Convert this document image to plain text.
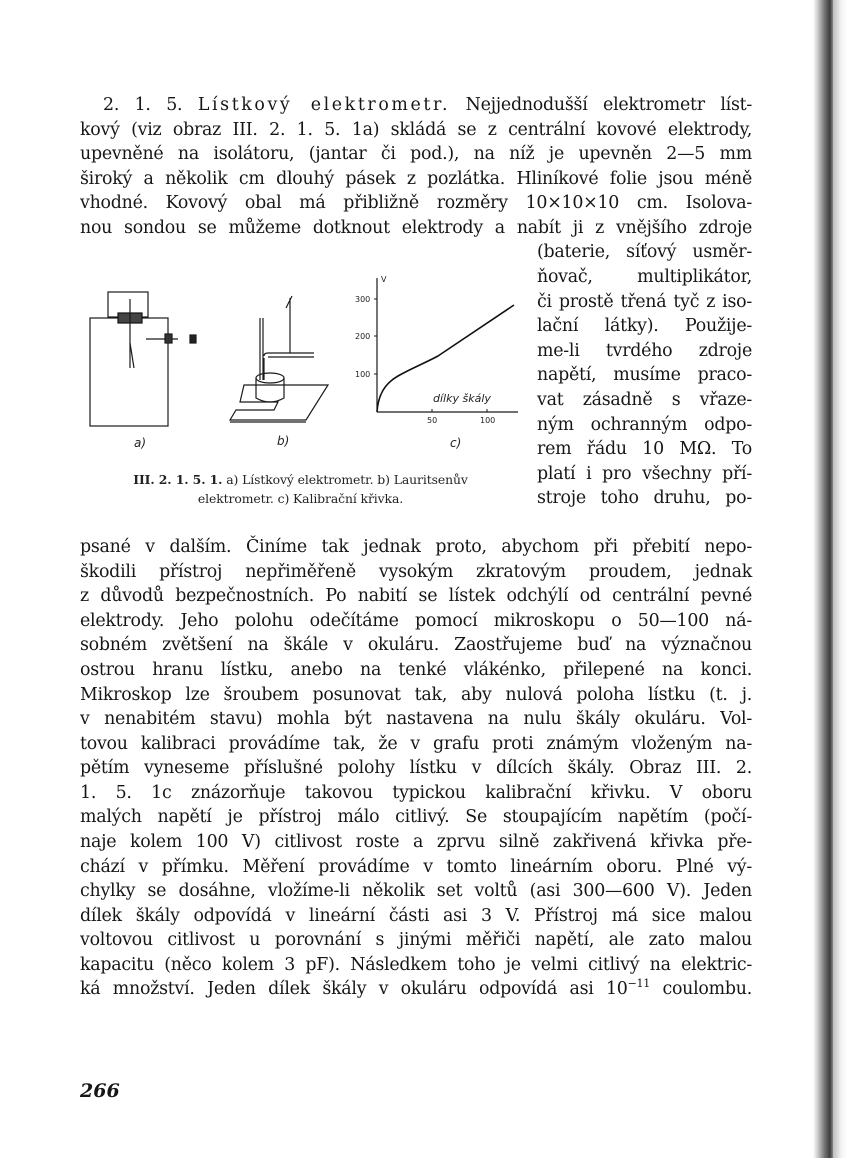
2. 1. 5. Lístkový elektrometr. Nejjednodušší elektrometr líst-
kový (viz obraz III. 2. 1. 5. 1a) skládá se z centrální kovové elektrody,
upevněné na isolátoru, (jantar či pod.), na níž je upevněn 2—5 mm
široký a několik cm dlouhý pásek z pozlátka. Hliníkové folie jsou méně
vhodné. Kovový obal má přibližně rozměry 10×10×10 cm. Isolova-
nou sondou se můžeme dotknout elektrody a nabít ji z vnějšího zdroje
(baterie, síťový usměr-
ňovač, multiplikátor,
či prostě třená tyč z iso-
lační látky). Použije-
me-li tvrdého zdroje
napětí, musíme praco-
vat zásadně s vřaze-
ným ochranným odpo-
rem řádu 10 MΩ. To
platí i pro všechny pří-
stroje toho druhu, po-
V
300
200
100
50	100
dílky škály
a)	b)	c)
III. 2. 1. 5. 1. a) Lístkový elektrometr. b) Lauritsenův
elektrometr. c) Kalibrační křivka.
psané v dalším. Činíme tak jednak proto, abychom při přebití nepo-
škodili přístroj nepřiměřeně vysokým zkratovým proudem, jednak
z důvodů bezpečnostních. Po nabití se lístek odchýlí od centrální pevné
elektrody. Jeho polohu odečítáme pomocí mikroskopu o 50—100 ná-
sobném zvětšení na škále v okuláru. Zaostřujeme buď na význačnou
ostrou hranu lístku, anebo na tenké vlákénko, přilepené na konci.
Mikroskop lze šroubem posunovat tak, aby nulová poloha lístku (t. j.
v nenabitém stavu) mohla být nastavena na nulu škály okuláru. Vol-
tovou kalibraci provádíme tak, že v grafu proti známým vloženým na-
pětím vyneseme příslušné polohy lístku v dílcích škály. Obraz III. 2.
1. 5. 1c znázorňuje takovou typickou kalibrační křivku. V oboru
malých napětí je přístroj málo citlivý. Se stoupajícím napětím (počí-
naje kolem 100 V) citlivost roste a zprvu silně zakřivená křivka pře-
chází v přímku. Měření provádíme v tomto lineárním oboru. Plné vý-
chylky se dosáhne, vložíme-li několik set voltů (asi 300—600 V). Jeden
dílek škály odpovídá v lineární části asi 3 V. Přístroj má sice malou
voltovou citlivost u porovnání s jinými měřiči napětí, ale zato malou
kapacitu (něco kolem 3 pF). Následkem toho je velmi citlivý na elektric-
ká množství. Jeden dílek škály v okuláru odpovídá asi $10^{-11}$ coulombu.
266
